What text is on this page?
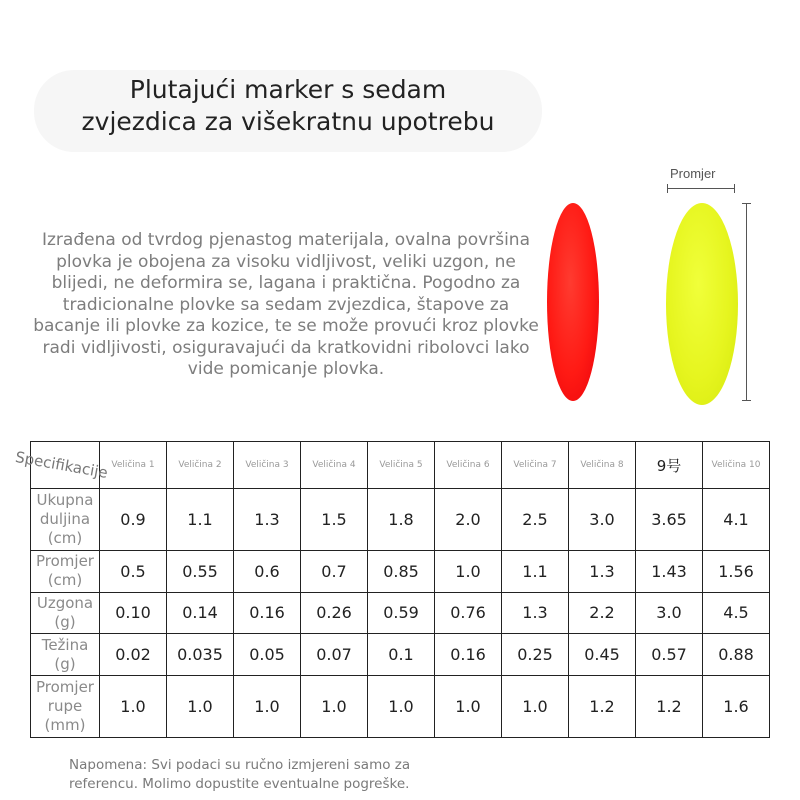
Plutajući marker s sedam
zvjezdica za višekratnu upotrebu
Izrađena od tvrdog pjenastog materijala, ovalna površina plovka je obojena za visoku vidljivost, veliki uzgon, ne blijedi, ne deformira se, lagana i praktična. Pogodno za tradicionalne plovke sa sedam zvjezdica, štapove za bacanje ili plovke za kozice, te se može provući kroz plovke radi vidljivosti, osiguravajući da kratkovidni ribolovci lako vide pomicanje plovka.
Promjer
	Veličina 1	Veličina 2	Veličina 3	Veličina 4	Veličina 5	Veličina 6	Veličina 7	Veličina 8	9号	Veličina 10
Ukupna duljina (cm)	0.9	1.1	1.3	1.5	1.8	2.0	2.5	3.0	3.65	4.1
Promjer (cm)	0.5	0.55	0.6	0.7	0.85	1.0	1.1	1.3	1.43	1.56
Uzgona (g)	0.10	0.14	0.16	0.26	0.59	0.76	1.3	2.2	3.0	4.5
Težina (g)	0.02	0.035	0.05	0.07	0.1	0.16	0.25	0.45	0.57	0.88
Promjer rupe (mm)	1.0	1.0	1.0	1.0	1.0	1.0	1.0	1.2	1.2	1.6
Specifikacije
Napomena: Svi podaci su ručno izmjereni samo za
referencu. Molimo dopustite eventualne pogreške.
